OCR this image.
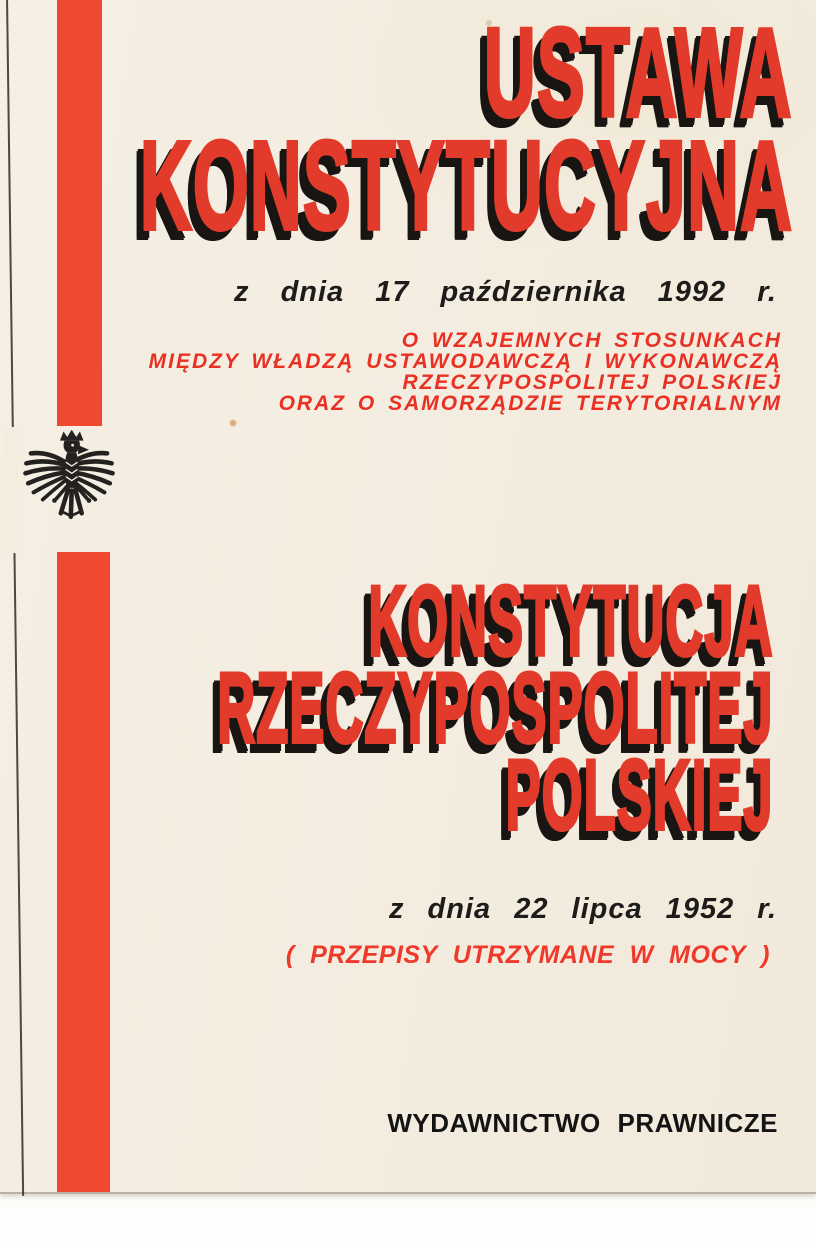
USTAWA
KONSTYTUCYJNA
z dnia 17 października 1992 r.
O WZAJEMNYCH STOSUNKACH
MIĘDZY WŁADZĄ USTAWODAWCZĄ I WYKONAWCZĄ
RZECZYPOSPOLITEJ POLSKIEJ
ORAZ O SAMORZĄDZIE TERYTORIALNYM
KONSTYTUCJA
RZECZYPOSPOLITEJ
POLSKIEJ
z dnia 22 lipca 1952 r.
( PRZEPISY UTRZYMANE W MOCY )
WYDAWNICTWO PRAWNICZE
